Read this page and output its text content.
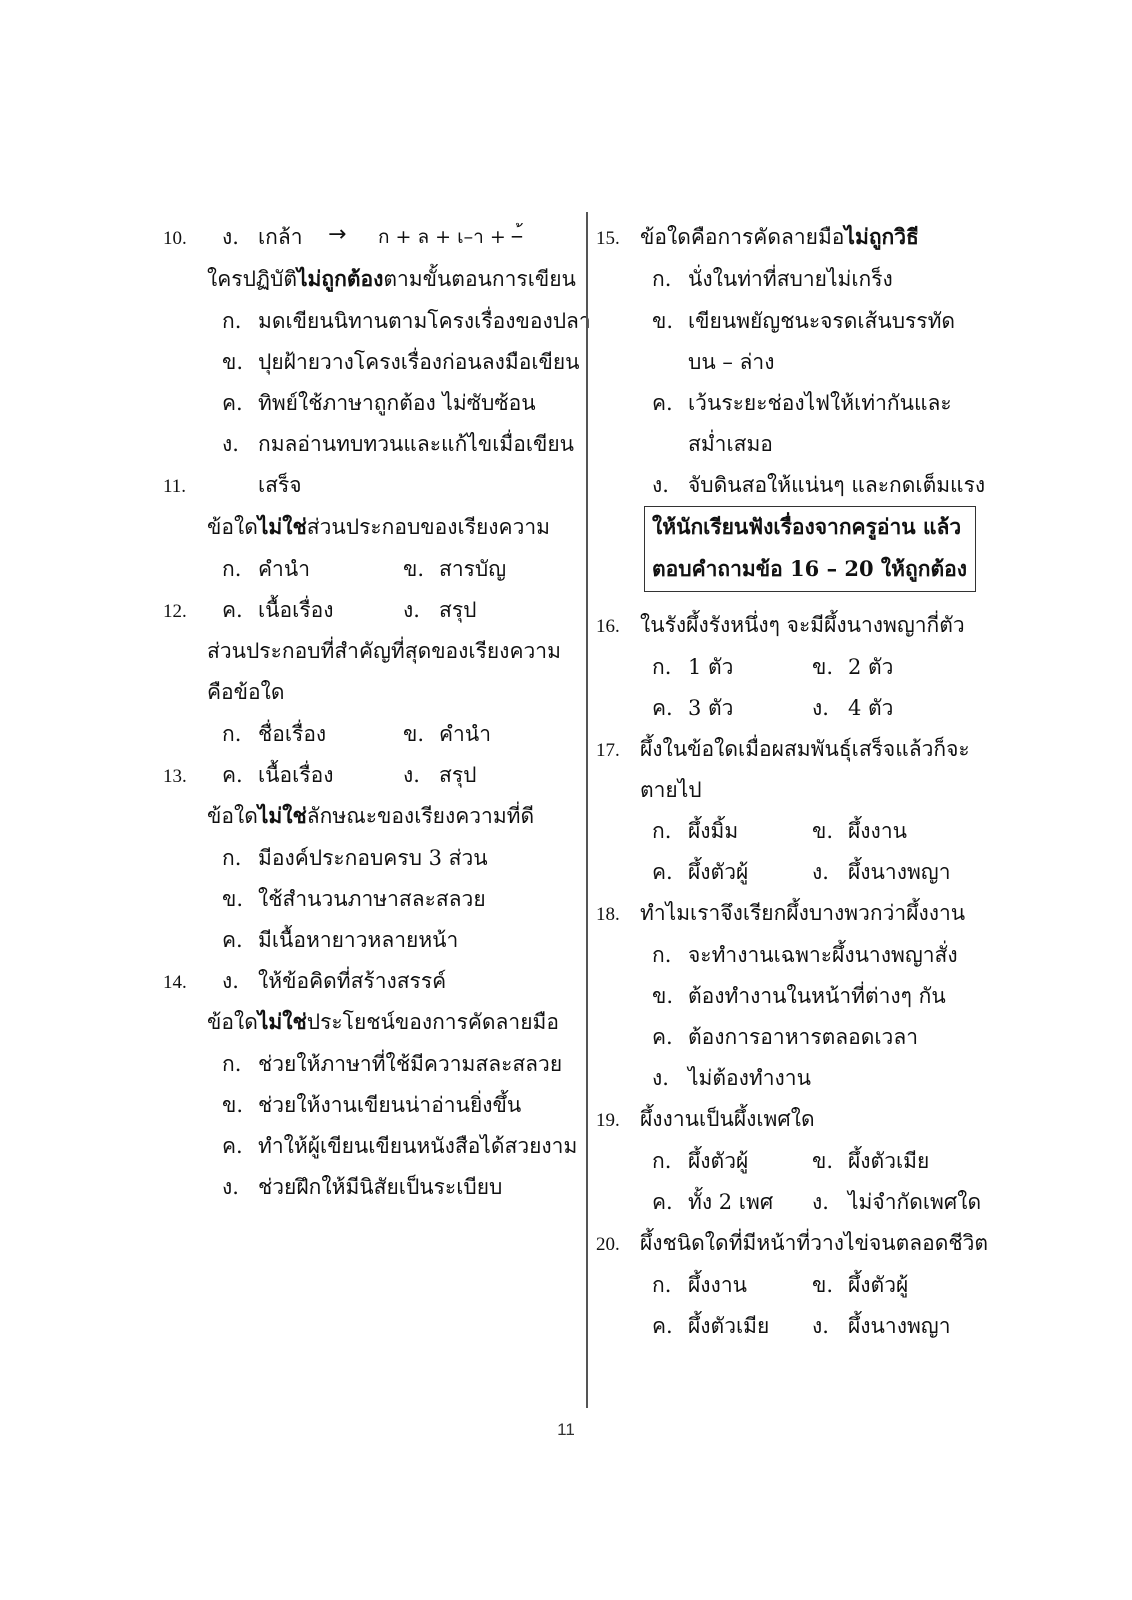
10. ง. เกล้า → ก + ล + เ–า + –้
ใครปฏิบัติไม่ถูกต้องตามขั้นตอนการเขียน
ก. มดเขียนนิทานตามโครงเรื่องของปลา
ข. ปุยฝ้ายวางโครงเรื่องก่อนลงมือเขียน
ค. ทิพย์ใช้ภาษาถูกต้อง ไม่ซับซ้อน
ง. กมลอ่านทบทวนและแก้ไขเมื่อเขียน
11.	เสร็จ
ข้อใดไม่ใช่ส่วนประกอบของเรียงความ
ก. คำนำ	ข. สารบัญ
12. ค. เนื้อเรื่อง	ง. สรุป
ส่วนประกอบที่สำคัญที่สุดของเรียงความ
คือข้อใด
ก. ชื่อเรื่อง	ข. คำนำ
13. ค. เนื้อเรื่อง	ง. สรุป
ข้อใดไม่ใช่ลักษณะของเรียงความที่ดี
ก. มีองค์ประกอบครบ 3 ส่วน
ข. ใช้สำนวนภาษาสละสลวย
ค. มีเนื้อหายาวหลายหน้า
14. ง. ให้ข้อคิดที่สร้างสรรค์
ข้อใดไม่ใช่ประโยชน์ของการคัดลายมือ
ก. ช่วยให้ภาษาที่ใช้มีความสละสลวย
ข. ช่วยให้งานเขียนน่าอ่านยิ่งขึ้น
ค. ทำให้ผู้เขียนเขียนหนังสือได้สวยงาม
ง. ช่วยฝึกให้มีนิสัยเป็นระเบียบ
15. ข้อใดคือการคัดลายมือไม่ถูกวิธี
ก. นั่งในท่าที่สบายไม่เกร็ง
ข. เขียนพยัญชนะจรดเส้นบรรทัด
บน – ล่าง
ค. เว้นระยะช่องไฟให้เท่ากันและ
สม่ำเสมอ
ง. จับดินสอให้แน่นๆ และกดเต็มแรง
ให้นักเรียนฟังเรื่องจากครูอ่าน แล้ว
ตอบคำถามข้อ 16 – 20 ให้ถูกต้อง
16. ในรังผึ้งรังหนึ่งๆ จะมีผึ้งนางพญากี่ตัว
ก. 1 ตัว	ข. 2 ตัว
ค. 3 ตัว	ง. 4 ตัว
17. ผึ้งในข้อใดเมื่อผสมพันธุ์เสร็จแล้วก็จะ
ตายไป
ก. ผึ้งมิ้ม	ข. ผึ้งงาน
ค. ผึ้งตัวผู้	ง. ผึ้งนางพญา
18. ทำไมเราจึงเรียกผึ้งบางพวกว่าผึ้งงาน
ก. จะทำงานเฉพาะผึ้งนางพญาสั่ง
ข. ต้องทำงานในหน้าที่ต่างๆ กัน
ค. ต้องการอาหารตลอดเวลา
ง. ไม่ต้องทำงาน
19. ผึ้งงานเป็นผึ้งเพศใด
ก. ผึ้งตัวผู้	ข. ผึ้งตัวเมีย
ค. ทั้ง 2 เพศ ง. ไม่จำกัดเพศใด
20. ผึ้งชนิดใดที่มีหน้าที่วางไข่จนตลอดชีวิต
ก. ผึ้งงาน	ข. ผึ้งตัวผู้
ค. ผึ้งตัวเมีย ง. ผึ้งนางพญา
11
